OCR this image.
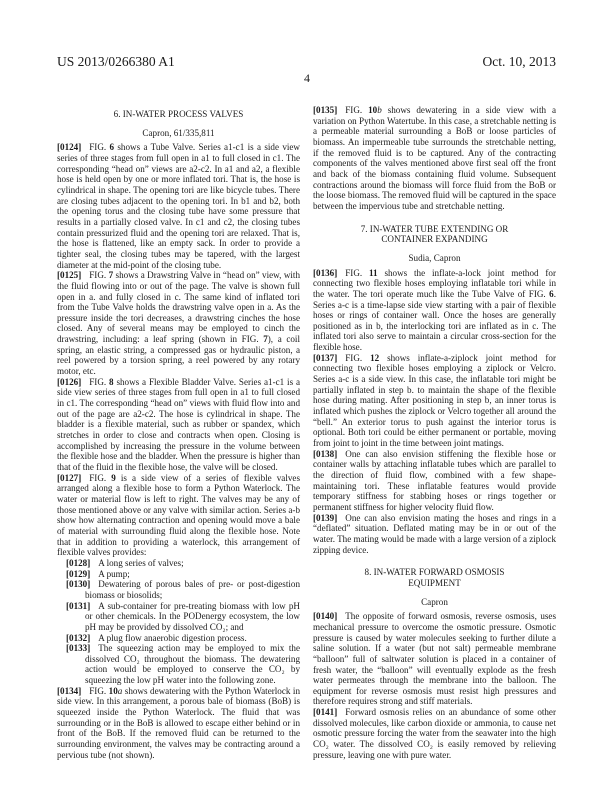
US 2013/0266380 A1	Oct. 10, 2013
4

6. IN-WATER PROCESS VALVES

Capron, 61/335,811

[0124] FIG. 6 shows a Tube Valve. Series a1-c1 is a side view series of three stages from full open in a1 to full closed in c1. The corresponding “head on” views are a2-c2. In a1 and a2, a flexible hose is held open by one or more inflated tori. That is, the hose is cylindrical in shape. The opening tori are like bicycle tubes. There are closing tubes adjacent to the opening tori. In b1 and b2, both the opening torus and the closing tube have some pressure that results in a partially closed valve. In c1 and c2, the closing tubes contain pressurized fluid and the opening tori are relaxed. That is, the hose is flattened, like an empty sack. In order to provide a tighter seal, the closing tubes may be tapered, with the largest diameter at the mid-point of the closing tube.

[0125] FIG. 7 shows a Drawstring Valve in “head on” view, with the fluid flowing into or out of the page. The valve is shown full open in a. and fully closed in c. The same kind of inflated tori from the Tube Valve holds the drawstring valve open in a. As the pressure inside the tori decreases, a drawstring cinches the hose closed. Any of several means may be employed to cinch the drawstring, including: a leaf spring (shown in FIG. 7), a coil spring, an elastic string, a compressed gas or hydraulic piston, a reel powered by a torsion spring, a reel powered by any rotary motor, etc.

[0126] FIG. 8 shows a Flexible Bladder Valve. Series a1-c1 is a side view series of three stages from full open in a1 to full closed in c1. The corresponding “head on” views with fluid flow into and out of the page are a2-c2. The hose is cylindrical in shape. The bladder is a flexible material, such as rubber or spandex, which stretches in order to close and contracts when open. Closing is accomplished by increasing the pressure in the volume between the flexible hose and the bladder. When the pressure is higher than that of the fluid in the flexible hose, the valve will be closed.

[0127] FIG. 9 is a side view of a series of flexible valves arranged along a flexible hose to form a Python Waterlock. The water or material flow is left to right. The valves may be any of those mentioned above or any valve with similar action. Series a-b show how alternating contraction and opening would move a bale of material with surrounding fluid along the flexible hose. Note that in addition to providing a waterlock, this arrangement of flexible valves provides:

[0128] A long series of valves;

[0129] A pump;

[0130] Dewatering of porous bales of pre- or post-digestion biomass or biosolids;

[0131] A sub-container for pre-treating biomass with low pH or other chemicals. In the PODenergy ecosystem, the low pH may be provided by dissolved CO₂; and

[0132] A plug flow anaerobic digestion process.

[0133] The squeezing action may be employed to mix the dissolved CO₂ throughout the biomass. The dewatering action would be employed to conserve the CO₂ by squeezing the low pH water into the following zone.

[0134] FIG. 10a shows dewatering with the Python Waterlock in side view. In this arrangement, a porous bale of biomass (BoB) is squeezed inside the Python Waterlock. The fluid that was surrounding or in the BoB is allowed to escape either behind or in front of the BoB. If the removed fluid can be returned to the surrounding environment, the valves may be contracting around a pervious tube (not shown).

[0135] FIG. 10b shows dewatering in a side view with a variation on Python Watertube. In this case, a stretchable netting is a permeable material surrounding a BoB or loose particles of biomass. An impermeable tube surrounds the stretchable netting, if the removed fluid is to be captured. Any of the contracting components of the valves mentioned above first seal off the front and back of the biomass containing fluid volume. Subsequent contractions around the biomass will force fluid from the BoB or the loose biomass. The removed fluid will be captured in the space between the impervious tube and stretchable netting.

7. IN-WATER TUBE EXTENDING OR

CONTAINER EXPANDING

Sudia, Capron

[0136] FIG. 11 shows the inflate-a-lock joint method for connecting two flexible hoses employing inflatable tori while in the water. The tori operate much like the Tube Valve of FIG. 6. Series a-c is a time-lapse side view starting with a pair of flexible hoses or rings of container wall. Once the hoses are generally positioned as in b, the interlocking tori are inflated as in c. The inflated tori also serve to maintain a circular cross-section for the flexible hose.

[0137] FIG. 12 shows inflate-a-ziplock joint method for connecting two flexible hoses employing a ziplock or Velcro. Series a-c is a side view. In this case, the inflatable tori might be partially inflated in step b. to maintain the shape of the flexible hose during mating. After positioning in step b, an inner torus is inflated which pushes the ziplock or Velcro together all around the “bell.” An exterior torus to push against the interior torus is optional. Both tori could be either permanent or portable, moving from joint to joint in the time between joint matings.

[0138] One can also envision stiffening the flexible hose or container walls by attaching inflatable tubes which are parallel to the direction of fluid flow, combined with a few shape-maintaining tori. These inflatable features would provide temporary stiffness for stabbing hoses or rings together or permanent stiffness for higher velocity fluid flow.

[0139] One can also envision mating the hoses and rings in a “deflated” situation. Deflated mating may be in or out of the water. The mating would be made with a large version of a ziplock zipping device.

8. IN-WATER FORWARD OSMOSIS

EQUIPMENT

Capron

[0140] The opposite of forward osmosis, reverse osmosis, uses mechanical pressure to overcome the osmotic pressure. Osmotic pressure is caused by water molecules seeking to further dilute a saline solution. If a water (but not salt) permeable membrane “balloon” full of saltwater solution is placed in a container of fresh water, the “balloon” will eventually explode as the fresh water permeates through the membrane into the balloon. The equipment for reverse osmosis must resist high pressures and therefore requires strong and stiff materials.

[0141] Forward osmosis relies on an abundance of some other dissolved molecules, like carbon dioxide or ammonia, to cause net osmotic pressure forcing the water from the seawater into the high CO₂ water. The dissolved CO₂ is easily removed by relieving pressure, leaving one with pure water.
